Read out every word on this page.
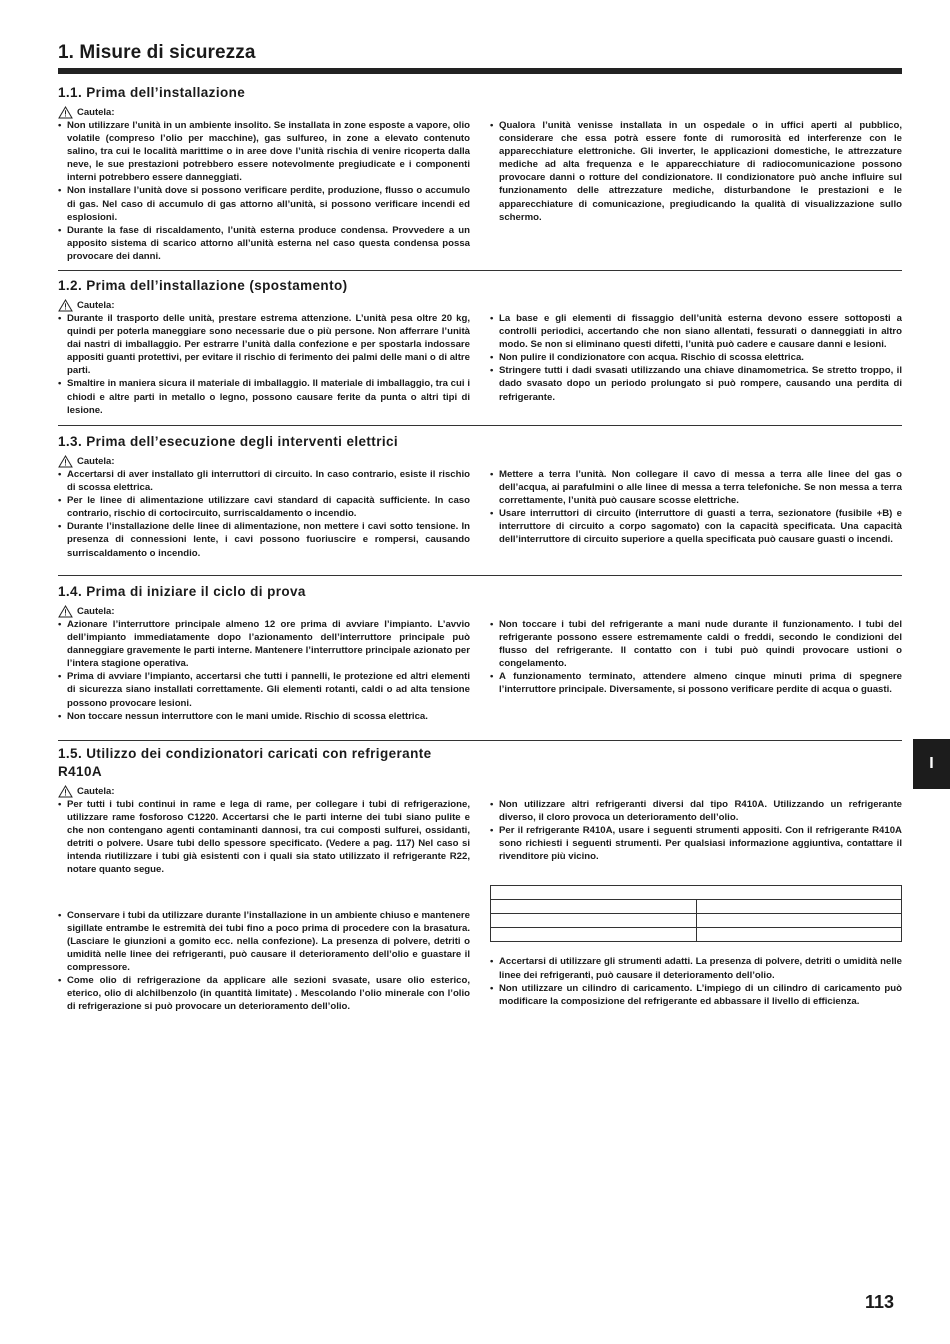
1. Misure di sicurezza
1.1. Prima dell’installazione
Cautela:
• Non utilizzare l’unità in un ambiente insolito. Se installata in zone esposte a vapore, olio volatile (compreso l’olio per macchine), gas sulfureo, in zone a elevato contenuto salino, tra cui le località marittime o in aree dove l’unità rischia di venire ricoperta dalla neve, le sue prestazioni potrebbero essere notevolmente pregiudicate e i componenti interni potrebbero essere danneggiati.
• Non installare l’unità dove si possono verificare perdite, produzione, flusso o accumulo di gas. Nel caso di accumulo di gas attorno all’unità, si possono verificare incendi ed esplosioni.
• Durante la fase di riscaldamento, l’unità esterna produce condensa. Provvedere a un apposito sistema di scarico attorno all’unità esterna nel caso questa condensa possa provocare dei danni.
• Qualora l’unità venisse installata in un ospedale o in uffici aperti al pubblico, considerare che essa potrà essere fonte di rumorosità ed interferenze con le apparecchiature elettroniche. Gli inverter, le applicazioni domestiche, le attrezzature mediche ad alta frequenza e le apparecchiature di radiocomunicazione possono provocare danni o rotture del condizionatore. Il condizionatore può anche influire sul funzionamento delle attrezzature mediche, disturbandone le prestazioni e le apparecchiature di comunicazione, pregiudicando la qualità di visualizzazione sullo schermo.
1.2. Prima dell’installazione (spostamento)
Cautela:
• Durante il trasporto delle unità, prestare estrema attenzione. L’unità pesa oltre 20 kg, quindi per poterla maneggiare sono necessarie due o più persone. Non afferrare l’unità dai nastri di imballaggio. Per estrarre l’unità dalla confezione e per spostarla indossare appositi guanti protettivi, per evitare il rischio di ferimento dei palmi delle mani o di altre parti.
• Smaltire in maniera sicura il materiale di imballaggio. Il materiale di imballaggio, tra cui i chiodi e altre parti in metallo o legno, possono causare ferite da punta o altri tipi di lesione.
• La base e gli elementi di fissaggio dell’unità esterna devono essere sottoposti a controlli periodici, accertando che non siano allentati, fessurati o danneggiati in altro modo. Se non si eliminano questi difetti, l’unità può cadere e causare danni e lesioni.
• Non pulire il condizionatore con acqua. Rischio di scossa elettrica.
• Stringere tutti i dadi svasati utilizzando una chiave dinamometrica. Se stretto troppo, il dado svasato dopo un periodo prolungato si può rompere, causando una perdita di refrigerante.
1.3. Prima dell’esecuzione degli interventi elettrici
Cautela:
• Accertarsi di aver installato gli interruttori di circuito. In caso contrario, esiste il rischio di scossa elettrica.
• Per le linee di alimentazione utilizzare cavi standard di capacità sufficiente. In caso contrario, rischio di cortocircuito, surriscaldamento o incendio.
• Durante l’installazione delle linee di alimentazione, non mettere i cavi sotto tensione. In presenza di connessioni lente, i cavi possono fuoriuscire e rompersi, causando surriscaldamento o incendio.
• Mettere a terra l’unità. Non collegare il cavo di messa a terra alle linee del gas o dell’acqua, ai parafulmini o alle linee di messa a terra telefoniche. Se non messa a terra correttamente, l’unità può causare scosse elettriche.
• Usare interruttori di circuito (interruttore di guasti a terra, sezionatore (fusibile +B) e interruttore di circuito a corpo sagomato) con la capacità specificata. Una capacità dell’interruttore di circuito superiore a quella specificata può causare guasti o incendi.
1.4. Prima di iniziare il ciclo di prova
Cautela:
• Azionare l’interruttore principale almeno 12 ore prima di avviare l’impianto. L’avvio dell’impianto immediatamente dopo l’azionamento dell’interruttore principale può danneggiare gravemente le parti interne. Mantenere l’interruttore principale azionato per l’intera stagione operativa.
• Prima di avviare l’impianto, accertarsi che tutti i pannelli, le protezione ed altri elementi di sicurezza siano installati correttamente. Gli elementi rotanti, caldi o ad alta tensione possono provocare lesioni.
• Non toccare nessun interruttore con le mani umide. Rischio di scossa elettrica.
• Non toccare i tubi del refrigerante a mani nude durante il funzionamento. I tubi del refrigerante possono essere estremamente caldi o freddi, secondo le condizioni del flusso del refrigerante. Il contatto con i tubi può quindi provocare ustioni o congelamento.
• A funzionamento terminato, attendere almeno cinque minuti prima di spegnere l’interruttore principale. Diversamente, si possono verificare perdite di acqua o guasti.
1.5. Utilizzo dei condizionatori caricati con refrigerante R410A
Cautela:
• Per tutti i tubi continui in rame e lega di rame, per collegare i tubi di refrigerazione, utilizzare rame fosforoso C1220. Accertarsi che le parti interne dei tubi siano pulite e che non contengano agenti contaminanti dannosi, tra cui composti sulfurei, ossidanti, detriti o polvere. Usare tubi dello spessore specificato. (Vedere a pag. 117) Nel caso si intenda riutilizzare i tubi già esistenti con i quali sia stato utilizzato il refrigerante R22, notare quanto segue.
• Conservare i tubi da utilizzare durante l’installazione in un ambiente chiuso e mantenere sigillate entrambe le estremità dei tubi fino a poco prima di procedere con la brasatura. (Lasciare le giunzioni a gomito ecc. nella confezione). La presenza di polvere, detriti o umidità nelle linee dei refrigeranti, può causare il deterioramento dell’olio e guastare il compressore.
• Come olio di refrigerazione da applicare alle sezioni svasate, usare olio esterico, eterico, olio di alchilbenzolo (in quantità limitate) . Mescolando l’olio minerale con l’olio di refrigerazione si può provocare un deterioramento dell’olio.
• Non utilizzare altri refrigeranti diversi dal tipo R410A. Utilizzando un refrigerante diverso, il cloro provoca un deterioramento dell’olio.
• Per il refrigerante R410A, usare i seguenti strumenti appositi. Con il refrigerante R410A sono richiesti i seguenti strumenti. Per qualsiasi informazione aggiuntiva, contattare il rivenditore più vicino.

• Accertarsi di utilizzare gli strumenti adatti. La presenza di polvere, detriti o umidità nelle linee dei refrigeranti, può causare il deterioramento dell’olio.
• Non utilizzare un cilindro di caricamento. L’impiego di un cilindro di caricamento può modificare la composizione del refrigerante ed abbassare il livello di efficienza.
I
113
